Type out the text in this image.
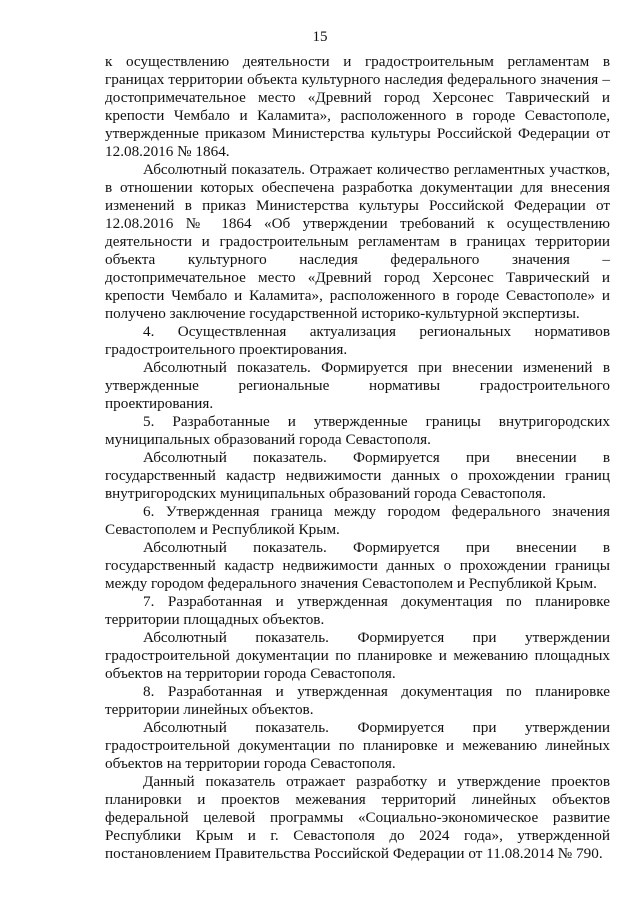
15

к осуществлению деятельности и градостроительным регламентам в границах территории объекта культурного наследия федерального значения – достопримечательное место «Древний город Херсонес Таврический и крепости Чембало и Каламита», расположенного в городе Севастополе, утвержденные приказом Министерства культуры Российской Федерации от 12.08.2016 № 1864.

Абсолютный показатель. Отражает количество регламентных участков, в отношении которых обеспечена разработка документации для внесения изменений в приказ Министерства культуры Российской Федерации от 12.08.2016 № 1864 «Об утверждении требований к осуществлению деятельности и градостроительным регламентам в границах территории объекта культурного наследия федерального значения – достопримечательное место «Древний город Херсонес Таврический и крепости Чембало и Каламита», расположенного в городе Севастополе» и получено заключение государственной историко-культурной экспертизы.

4. Осуществленная актуализация региональных нормативов градостроительного проектирования.

Абсолютный показатель. Формируется при внесении изменений в утвержденные региональные нормативы градостроительного проектирования.

5. Разработанные и утвержденные границы внутригородских муниципальных образований города Севастополя.

Абсолютный показатель. Формируется при внесении в государственный кадастр недвижимости данных о прохождении границ внутригородских муниципальных образований города Севастополя.

6. Утвержденная граница между городом федерального значения Севастополем и Республикой Крым.

Абсолютный показатель. Формируется при внесении в государственный кадастр недвижимости данных о прохождении границы между городом федерального значения Севастополем и Республикой Крым.

7. Разработанная и утвержденная документация по планировке территории площадных объектов.

Абсолютный показатель. Формируется при утверждении градостроительной документации по планировке и межеванию площадных объектов на территории города Севастополя.

8. Разработанная и утвержденная документация по планировке территории линейных объектов.

Абсолютный показатель. Формируется при утверждении градостроительной документации по планировке и межеванию линейных объектов на территории города Севастополя.

Данный показатель отражает разработку и утверждение проектов планировки и проектов межевания территорий линейных объектов федеральной целевой программы «Социально-экономическое развитие Республики Крым и г. Севастополя до 2024 года», утвержденной постановлением Правительства Российской Федерации от 11.08.2014 № 790.
